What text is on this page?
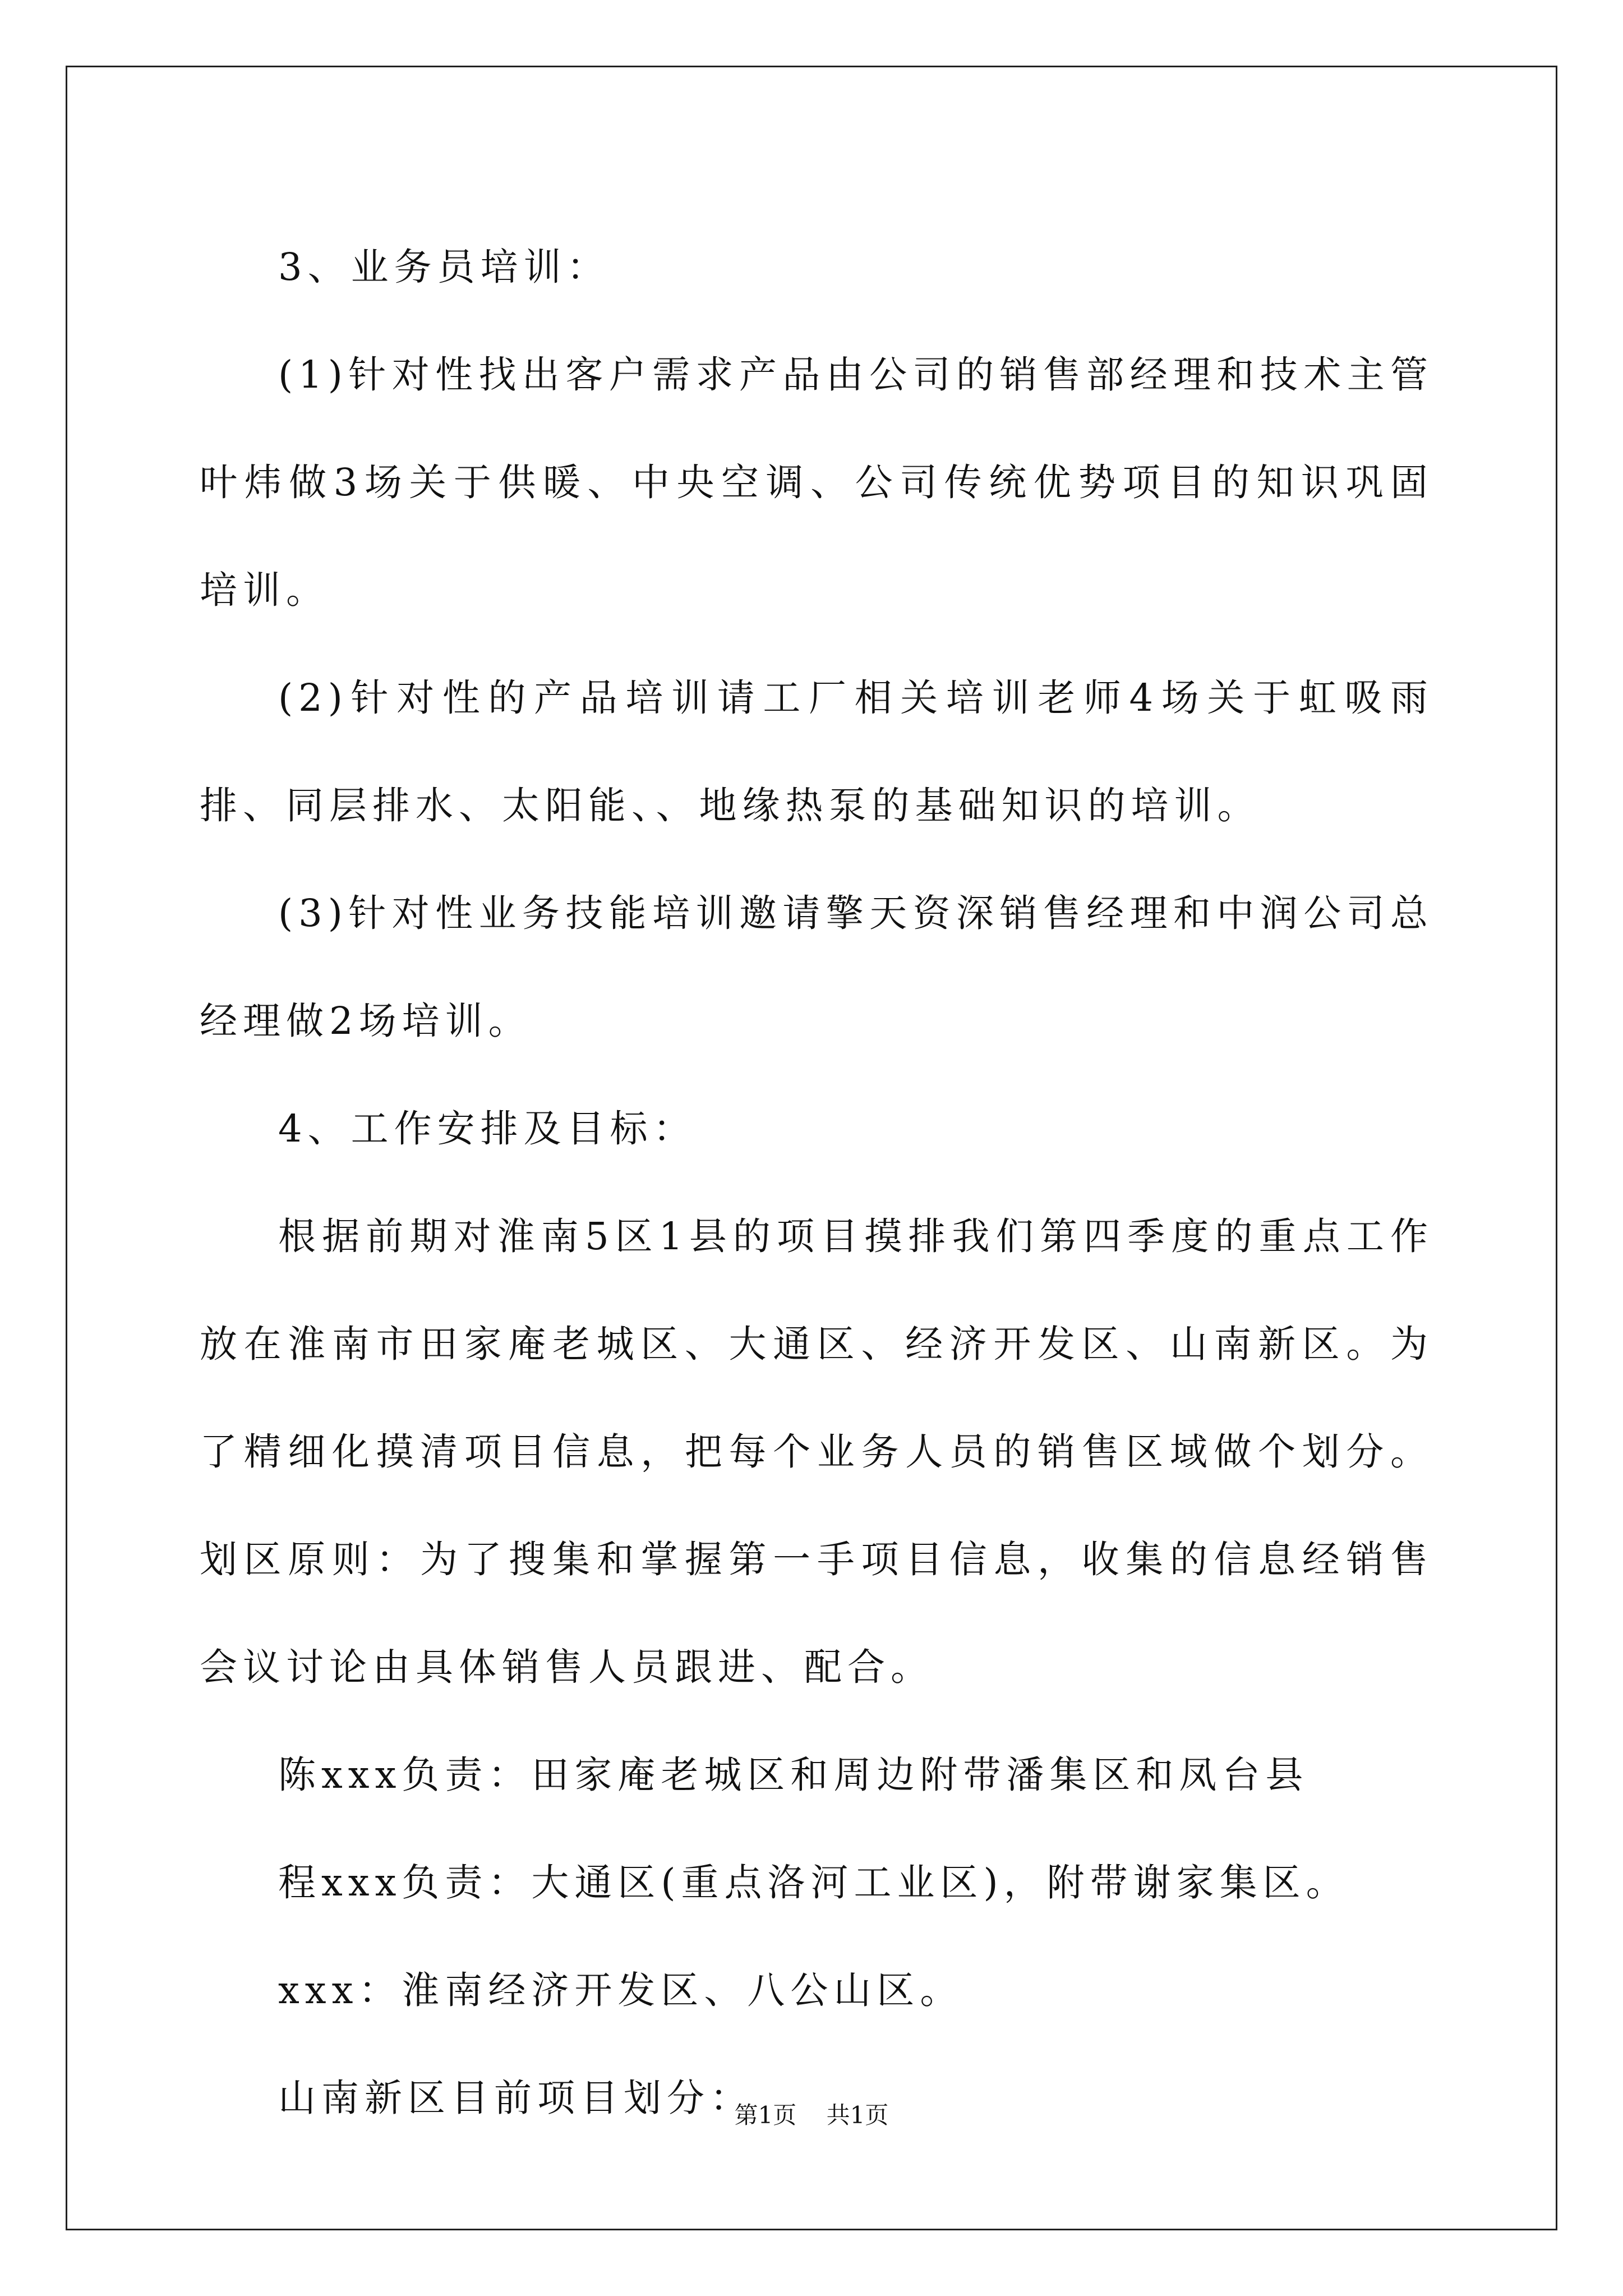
3、业务员培训：

(1)针对性找出客户需求产品由公司的销售部经理和技术主管叶炜做3场关于供暖、中央空调、公司传统优势项目的知识巩固培训。

(2)针对性的产品培训请工厂相关培训老师4场关于虹吸雨排、同层排水、太阳能、、地缘热泵的基础知识的培训。

(3)针对性业务技能培训邀请擎天资深销售经理和中润公司总经理做2场培训。

4、工作安排及目标：

根据前期对淮南5区1县的项目摸排我们第四季度的重点工作放在淮南市田家庵老城区、大通区、经济开发区、山南新区。为了精细化摸清项目信息，把每个业务人员的销售区域做个划分。划区原则：为了搜集和掌握第一手项目信息，收集的信息经销售会议讨论由具体销售人员跟进、配合。

陈xxx负责：田家庵老城区和周边附带潘集区和凤台县

程xxx负责：大通区(重点洛河工业区)，附带谢家集区。

xxx：淮南经济开发区、八公山区。

山南新区目前项目划分：

第1页 共1页
